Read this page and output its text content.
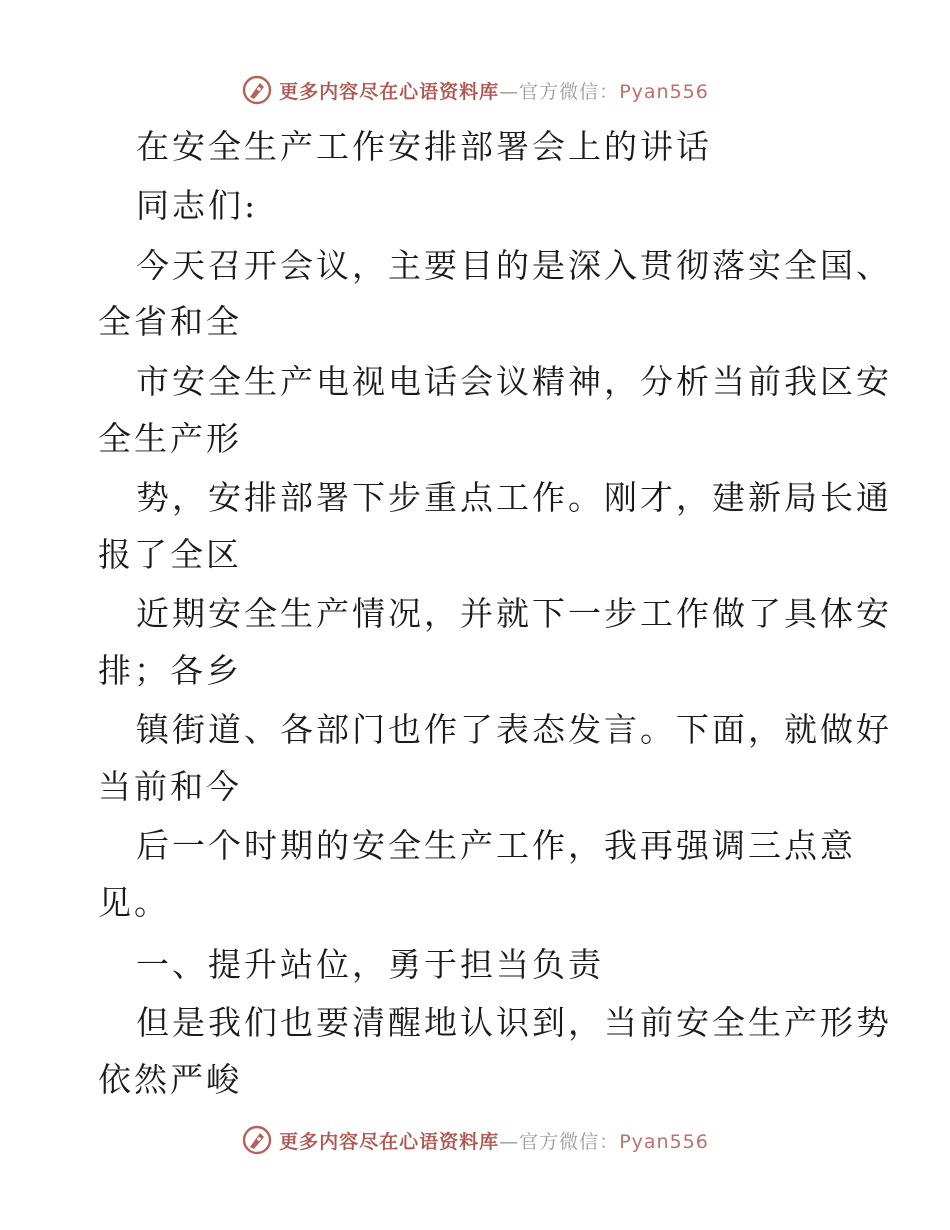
更多内容尽在心语资料库—官方微信：Pyan556
在安全生产工作安排部署会上的讲话
同志们:
今天召开会议，主要目的是深入贯彻落实全国、
全省和全
市安全生产电视电话会议精神，分析当前我区安
全生产形
势，安排部署下步重点工作。刚才，建新局长通
报了全区
近期安全生产情况，并就下一步工作做了具体安
排；各乡
镇街道、各部门也作了表态发言。下面，就做好
当前和今
后一个时期的安全生产工作，我再强调三点意
见。
一、提升站位，勇于担当负责
但是我们也要清醒地认识到，当前安全生产形势
依然严峻
更多内容尽在心语资料库—官方微信：Pyan556
